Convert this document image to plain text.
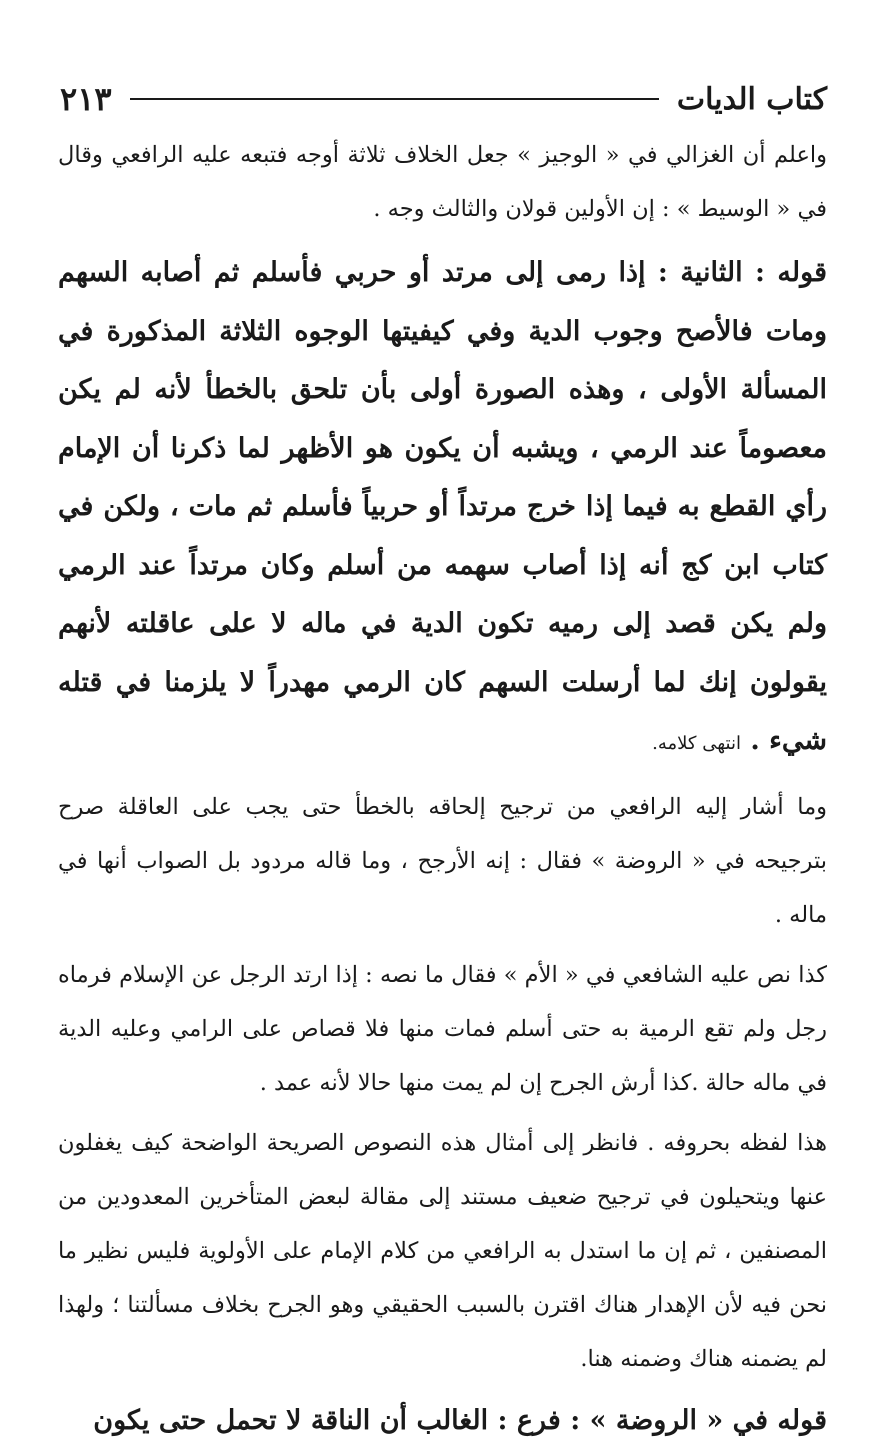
كتاب الديات
٢١٣

واعلم أن الغزالي في « الوجيز » جعل الخلاف ثلاثة أوجه فتبعه عليه الرافعي وقال في « الوسيط » : إن الأولين قولان والثالث وجه .

قوله : الثانية : إذا رمى إلى مرتد أو حربي فأسلم ثم أصابه السهم ومات فالأصح وجوب الدية وفي كيفيتها الوجوه الثلاثة المذكورة في المسألة الأولى ، وهذه الصورة أولى بأن تلحق بالخطأ لأنه لم يكن معصوماً عند الرمي ، ويشبه أن يكون هو الأظهر لما ذكرنا أن الإمام رأي القطع به فيما إذا خرج مرتداً أو حربياً فأسلم ثم مات ، ولكن في كتاب ابن كج أنه إذا أصاب سهمه من أسلم وكان مرتداً عند الرمي ولم يكن قصد إلى رميه تكون الدية في ماله لا على عاقلته لأنهم يقولون إنك لما أرسلت السهم كان الرمي مهدراً لا يلزمنا في قتله شيء . انتهى كلامه.

وما أشار إليه الرافعي من ترجيح إلحاقه بالخطأ حتى يجب على العاقلة صرح بترجيحه في « الروضة » فقال : إنه الأرجح ، وما قاله مردود بل الصواب أنها في ماله .

كذا نص عليه الشافعي في « الأم » فقال ما نصه : إذا ارتد الرجل عن الإسلام فرماه رجل ولم تقع الرمية به حتى أسلم فمات منها فلا قصاص على الرامي وعليه الدية في ماله حالة .كذا أرش الجرح إن لم يمت منها حالا لأنه عمد .

هذا لفظه بحروفه . فانظر إلى أمثال هذه النصوص الصريحة الواضحة كيف يغفلون عنها ويتحيلون في ترجيح ضعيف مستند إلى مقالة لبعض المتأخرين المعدودين من المصنفين ، ثم إن ما استدل به الرافعي من كلام الإمام على الأولوية فليس نظير ما نحن فيه لأن الإهدار هناك اقترن بالسبب الحقيقي وهو الجرح بخلاف مسألتنا ؛ ولهذا لم يضمنه هناك وضمنه هنا.

قوله في « الروضة » : فرع : الغالب أن الناقة لا تحمل حتى يكون
